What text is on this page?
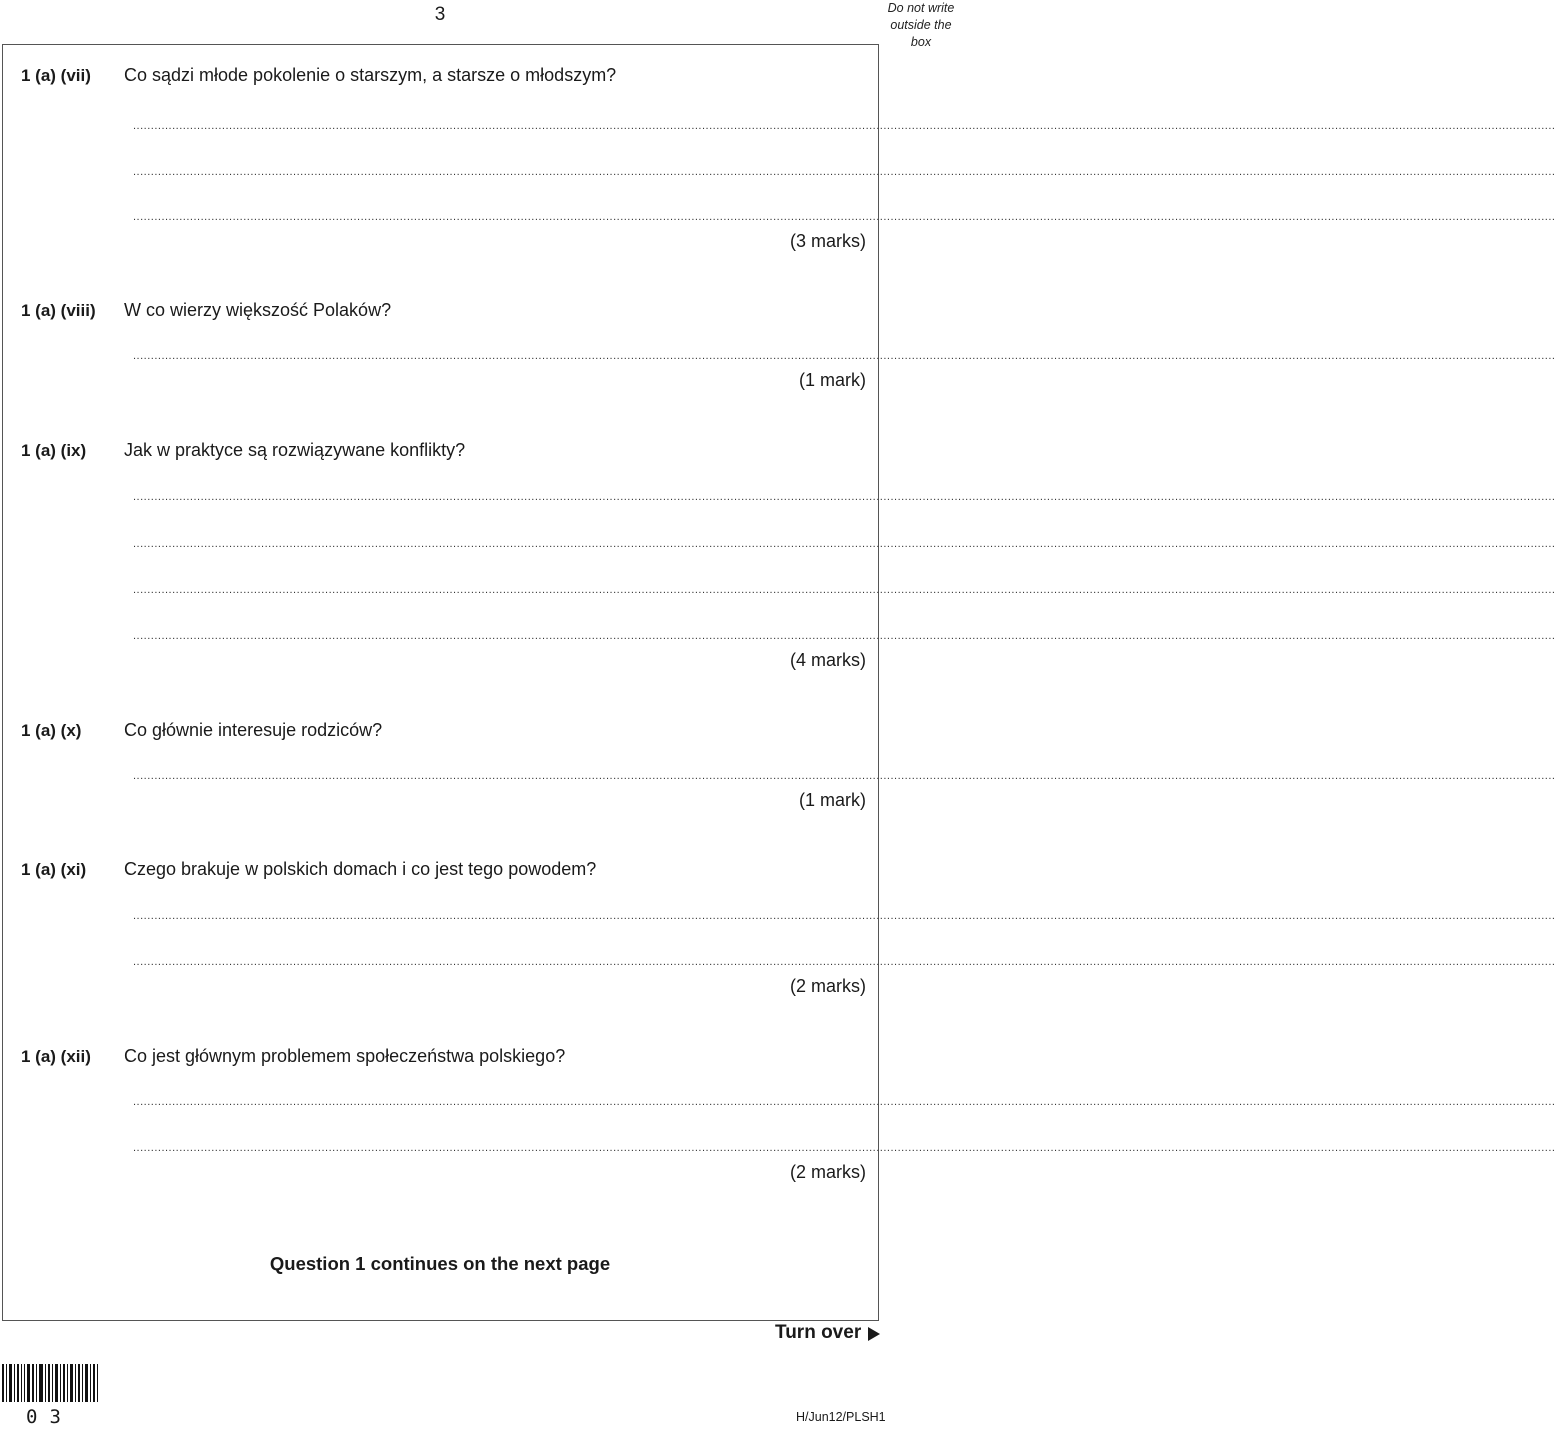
3	Do not write
outside the
box
1 (a) (vii) Co sądzi młode pokolenie o starszym, a starsze o młodszym?
................................................................................................................................................................................................................................................................................................................................................................................................................
................................................................................................................................................................................................................................................................................................................................................................................................................
................................................................................................................................................................................................................................................................................................................................................................................................................
(3 marks)
1 (a) (viii) W co wierzy większość Polaków?
................................................................................................................................................................................................................................................................................................................................................................................................................
(1 mark)
1 (a) (ix) Jak w praktyce są rozwiązywane konflikty?
................................................................................................................................................................................................................................................................................................................................................................................................................
................................................................................................................................................................................................................................................................................................................................................................................................................
................................................................................................................................................................................................................................................................................................................................................................................................................
................................................................................................................................................................................................................................................................................................................................................................................................................
(4 marks)
1 (a) (x) Co głównie interesuje rodziców?
................................................................................................................................................................................................................................................................................................................................................................................................................
(1 mark)
1 (a) (xi) Czego brakuje w polskich domach i co jest tego powodem?
................................................................................................................................................................................................................................................................................................................................................................................................................
................................................................................................................................................................................................................................................................................................................................................................................................................
(2 marks)
1 (a) (xii) Co jest głównym problemem społeczeństwa polskiego?
................................................................................................................................................................................................................................................................................................................................................................................................................
................................................................................................................................................................................................................................................................................................................................................................................................................
(2 marks)
Question 1 continues on the next page
Turn over
03	H/Jun12/PLSH1
